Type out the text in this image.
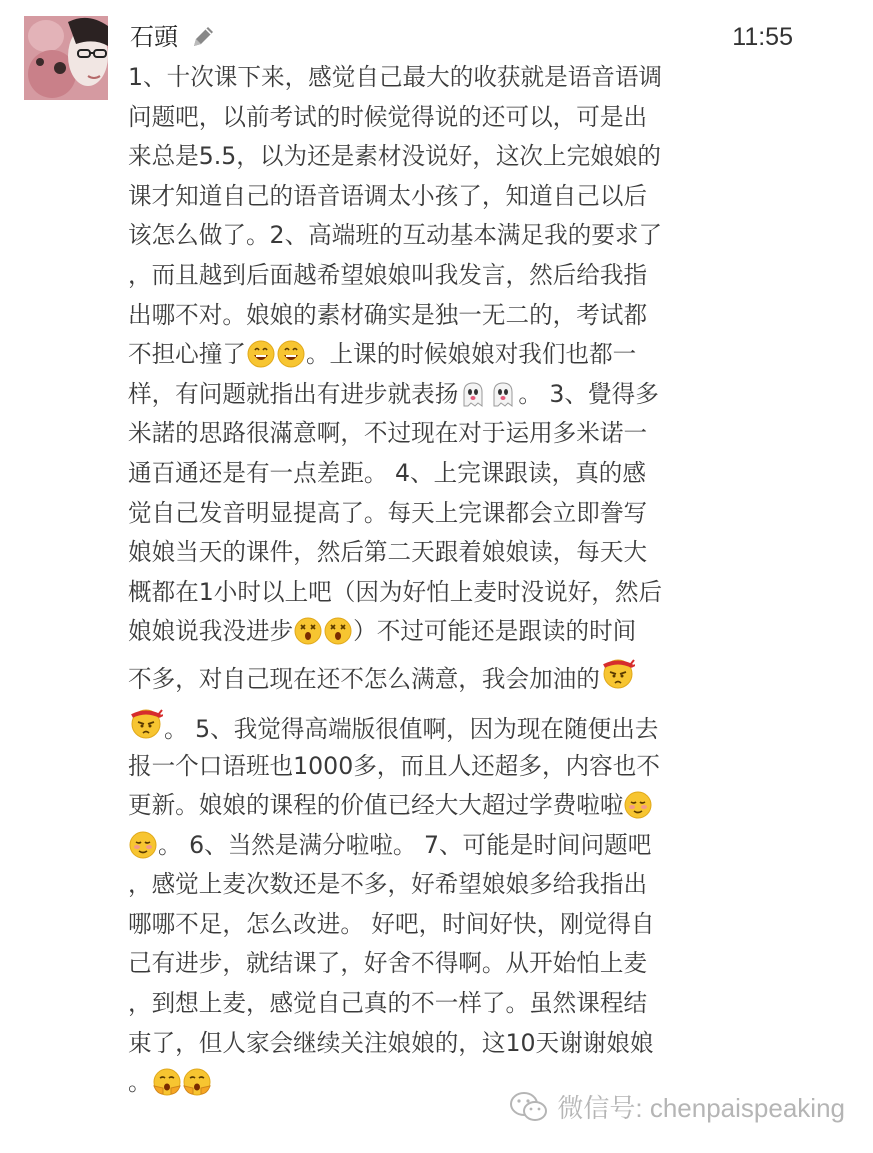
石頭	11:55
1、十次课下来，感觉自己最大的收获就是语音语调
问题吧，以前考试的时候觉得说的还可以，可是出
来总是5.5，以为还是素材没说好，这次上完娘娘的
课才知道自己的语音语调太小孩了，知道自己以后
该怎么做了。2、高端班的互动基本满足我的要求了
，而且越到后面越希望娘娘叫我发言，然后给我指
出哪不对。娘娘的素材确实是独一无二的，考试都
不担心撞了	。上课的时候娘娘对我们也都一
样，有问题就指出有进步就表扬	。 3、覺得多
米諾的思路很滿意啊，不过现在对于运用多米诺一
通百通还是有一点差距。 4、上完课跟读，真的感
觉自己发音明显提高了。每天上完课都会立即誊写
娘娘当天的课件，然后第二天跟着娘娘读，每天大
概都在1小时以上吧（因为好怕上麦时没说好，然后
娘娘说我没进步	）不过可能还是跟读的时间
不多，对自己现在还不怎么满意，我会加油的
。 5、我觉得高端版很值啊，因为现在随便出去
报一个口语班也1000多，而且人还超多，内容也不
更新。娘娘的课程的价值已经大大超过学费啦啦
。 6、当然是满分啦啦。 7、可能是时间问题吧
，感觉上麦次数还是不多，好希望娘娘多给我指出
哪哪不足，怎么改进。 好吧，时间好快，刚觉得自
己有进步，就结课了，好舍不得啊。从开始怕上麦
，到想上麦，感觉自己真的不一样了。虽然课程结
束了，但人家会继续关注娘娘的，这10天谢谢娘娘
。
微信号: chenpaispeaking
